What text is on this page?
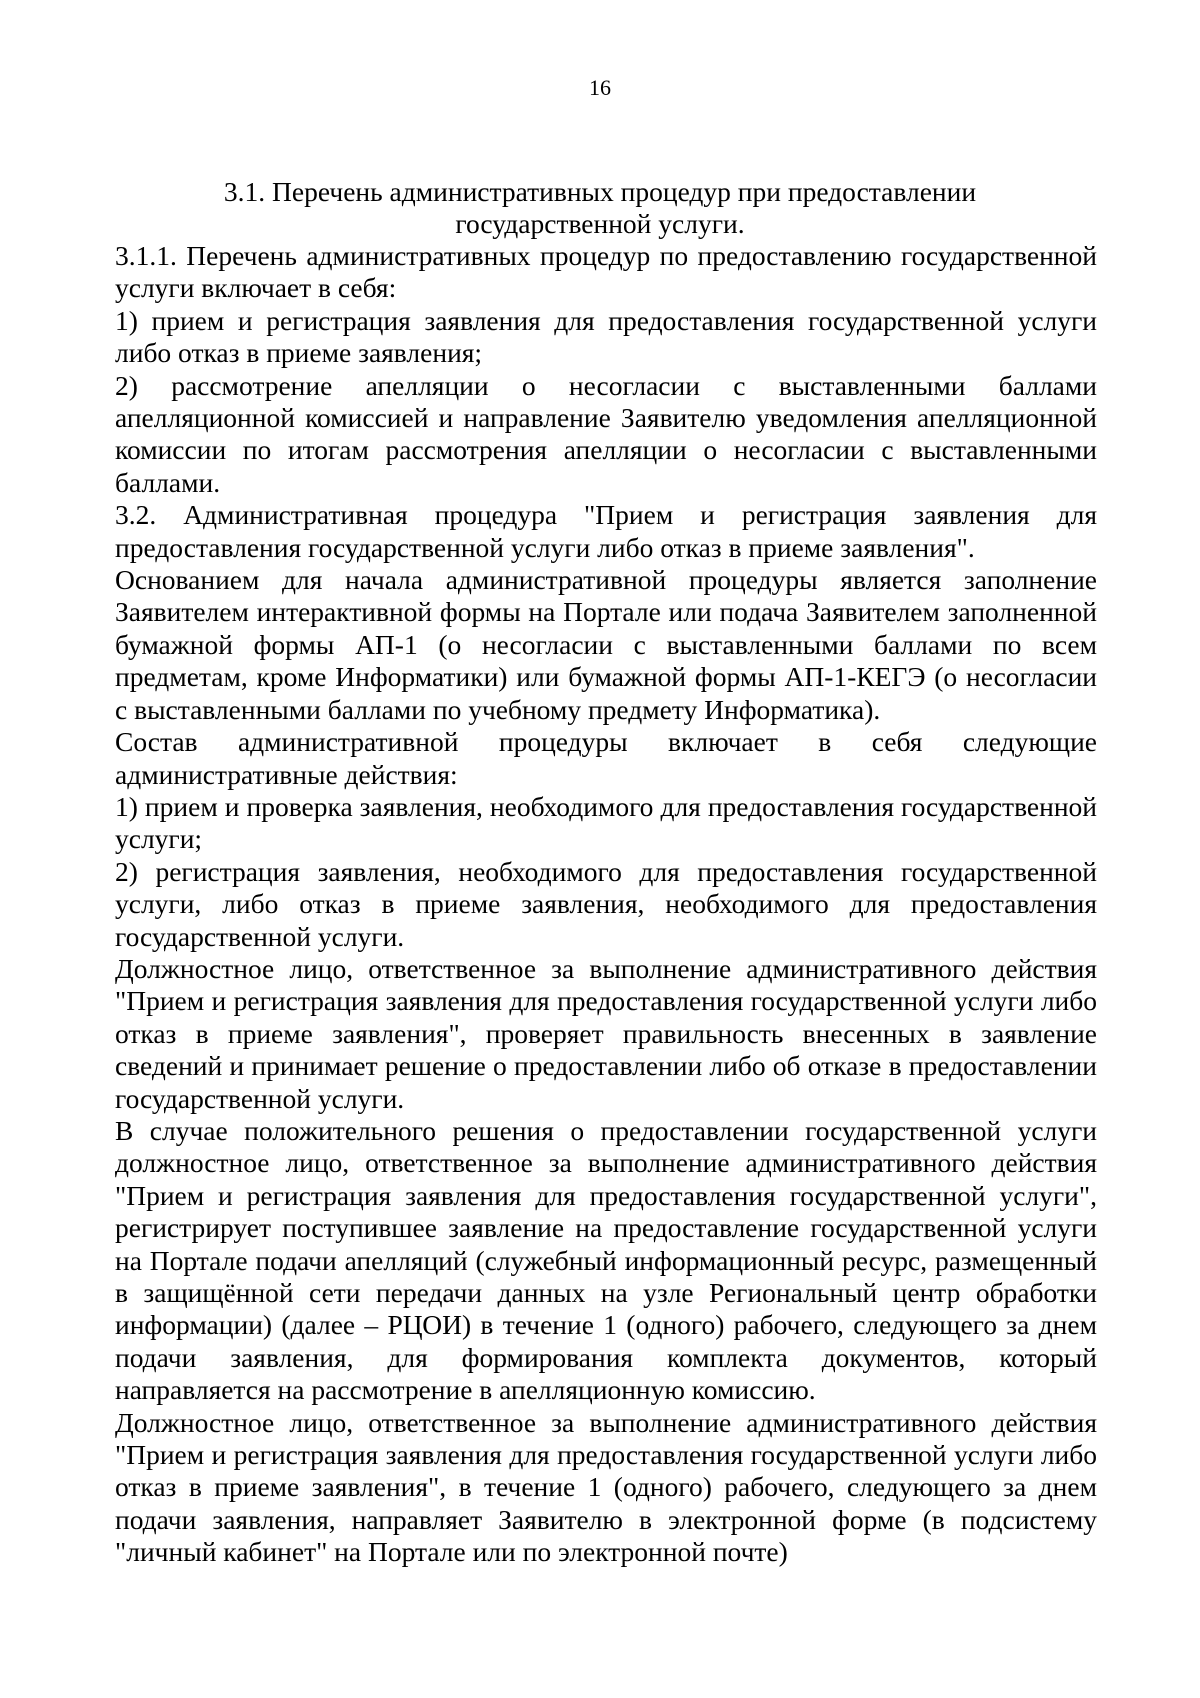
16
3.1. Перечень административных процедур при предоставлении государственной услуги.

3.1.1. Перечень административных процедур по предоставлению государственной услуги включает в себя:

1) прием и регистрация заявления для предоставления государственной услуги либо отказ в приеме заявления;

2) рассмотрение апелляции о несогласии с выставленными баллами апелляционной комиссией и направление Заявителю уведомления апелляционной комиссии по итогам рассмотрения апелляции о несогласии с выставленными баллами.

3.2. Административная процедура "Прием и регистрация заявления для предоставления государственной услуги либо отказ в приеме заявления".

Основанием для начала административной процедуры является заполнение Заявителем интерактивной формы на Портале или подача Заявителем заполненной бумажной формы АП-1 (о несогласии с выставленными баллами по всем предметам, кроме Информатики) или бумажной формы АП-1-КЕГЭ (о несогласии с выставленными баллами по учебному предмету Информатика).

Состав административной процедуры включает в себя следующие административные действия:

1) прием и проверка заявления, необходимого для предоставления государственной услуги;

2) регистрация заявления, необходимого для предоставления государственной услуги, либо отказ в приеме заявления, необходимого для предоставления государственной услуги.

Должностное лицо, ответственное за выполнение административного действия "Прием и регистрация заявления для предоставления государственной услуги либо отказ в приеме заявления", проверяет правильность внесенных в заявление сведений и принимает решение о предоставлении либо об отказе в предоставлении государственной услуги.

В случае положительного решения о предоставлении государственной услуги должностное лицо, ответственное за выполнение административного действия "Прием и регистрация заявления для предоставления государственной услуги", регистрирует поступившее заявление на предоставление государственной услуги на Портале подачи апелляций (служебный информационный ресурс, размещенный в защищённой сети передачи данных на узле Региональный центр обработки информации) (далее – РЦОИ) в течение 1 (одного) рабочего, следующего за днем подачи заявления, для формирования комплекта документов, который направляется на рассмотрение в апелляционную комиссию.

Должностное лицо, ответственное за выполнение административного действия "Прием и регистрация заявления для предоставления государственной услуги либо отказ в приеме заявления", в течение 1 (одного) рабочего, следующего за днем подачи заявления, направляет Заявителю в электронной форме (в подсистему "личный кабинет" на Портале или по электронной почте)
